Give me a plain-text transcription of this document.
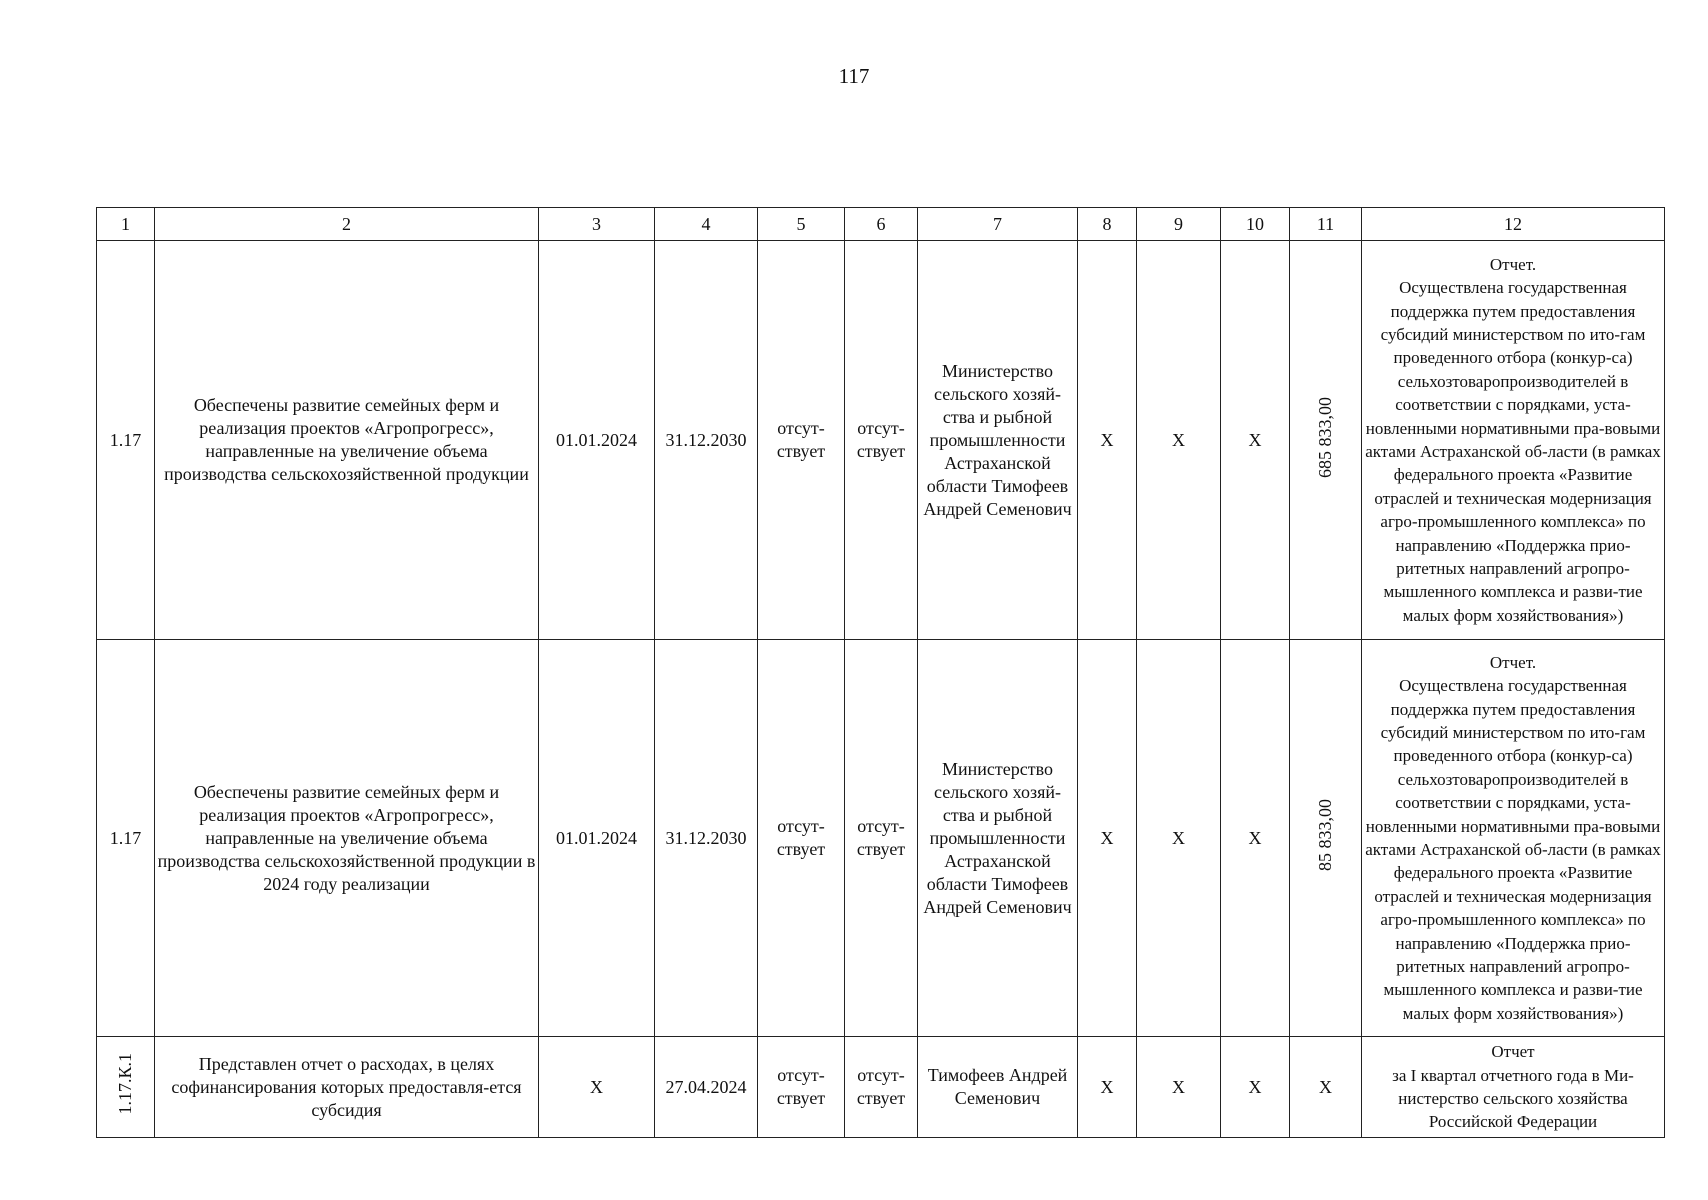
117
1	2	3	4	5	6	7	8	9	10	11	12
1.17	Обеспечены развитие семейных ферм и реализация проектов «Агропрогресс», направленные на увеличение объема производства сельскохозяйственной продукции	01.01.2024	31.12.2030	отсут-ствует	отсут-ствует	Министерство сельского хозяй-ства и рыбной промышленности Астраханской области Тимофеев Андрей Семенович	Х	Х	Х	685 833,00	Отчет.
Осуществлена государственная поддержка путем предоставления субсидий министерством по ито-гам проведенного отбора (конкур-са) сельхозтоваропроизводителей в соответствии с порядками, уста-новленными нормативными пра-вовыми актами Астраханской об-ласти (в рамках федерального проекта «Развитие отраслей и техническая модернизация агро-промышленного комплекса» по направлению «Поддержка прио-ритетных направлений агропро-мышленного комплекса и разви-тие малых форм хозяйствования»)
1.17	Обеспечены развитие семейных ферм и реализация проектов «Агропрогресс», направленные на увеличение объема производства сельскохозяйственной продукции в 2024 году реализации	01.01.2024	31.12.2030	отсут-ствует	отсут-ствует	Министерство сельского хозяй-ства и рыбной промышленности Астраханской области Тимофеев Андрей Семенович	Х	Х	Х	85 833,00	Отчет.
Осуществлена государственная поддержка путем предоставления субсидий министерством по ито-гам проведенного отбора (конкур-са) сельхозтоваропроизводителей в соответствии с порядками, уста-новленными нормативными пра-вовыми актами Астраханской об-ласти (в рамках федерального проекта «Развитие отраслей и техническая модернизация агро-промышленного комплекса» по направлению «Поддержка прио-ритетных направлений агропро-мышленного комплекса и разви-тие малых форм хозяйствования»)
1.17.К.1	Представлен отчет о расходах, в целях софинансирования которых предоставля-ется субсидия	Х	27.04.2024	отсут-ствует	отсут-ствует	Тимофеев Андрей Семенович	Х	Х	Х	Х	Отчет
за I квартал отчетного года в Ми-нистерство сельского хозяйства Российской Федерации
